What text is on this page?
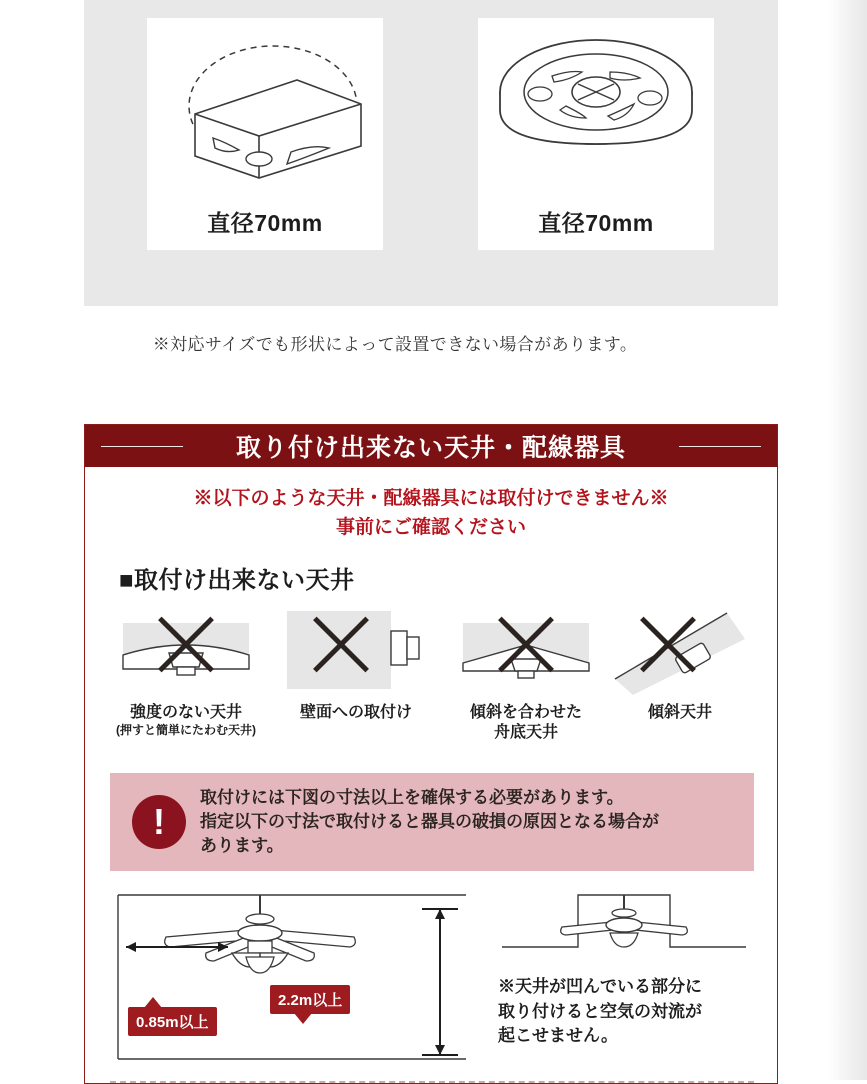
直径70mm	直径70mm
※対応サイズでも形状によって設置できない場合があります。
取り付け出来ない天井・配線器具
※以下のような天井・配線器具には取付けできません※
事前にご確認ください
■取付け出来ない天井
強度のない天井
(押すと簡単にたわむ天井)
壁面への取付け	傾斜を合わせた
舟底天井
傾斜天井
!
取付けには下図の寸法以上を確保する必要があります。
指定以下の寸法で取付けると器具の破損の原因となる場合が
あります。
0.85m以上
2.2m以上
※天井が凹んでいる部分に
取り付けると空気の対流が
起こせません。
